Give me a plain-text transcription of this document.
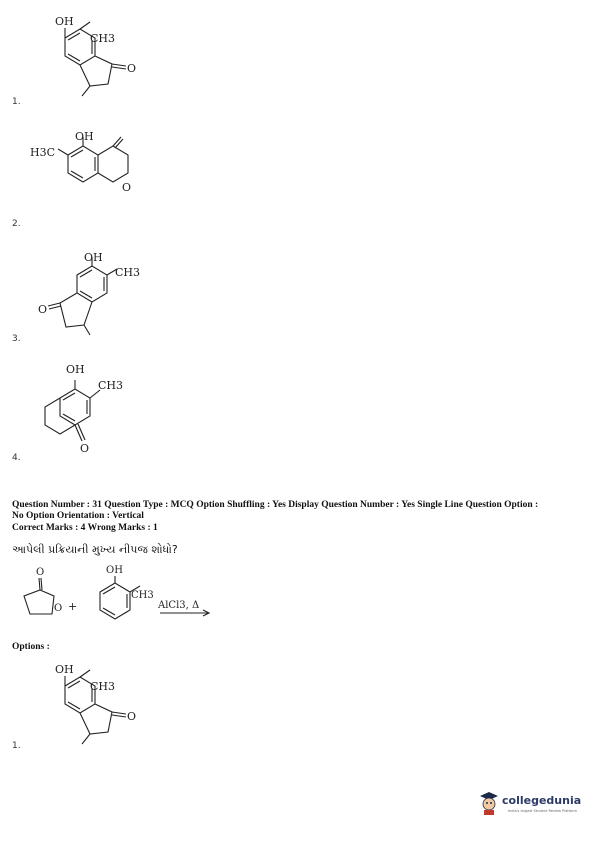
OH
CH3
O
1.
OH
H3C
O
2.
OH
CH3
O
3.
OH
CH3
O
4.
Question Number : 31 Question Type : MCQ Option Shuffling : Yes Display Question Number : Yes Single Line Question Option :
No Option Orientation : Vertical
Correct Marks : 4 Wrong Marks : 1
આપેલી પ્રક્રિયાની મુખ્ય નીપજ શોધો?
O
O +
OH
CH3
AlCl3, Δ
Options :
OH
CH3
O
1.
collegedunia
India's largest Student Review Platform
